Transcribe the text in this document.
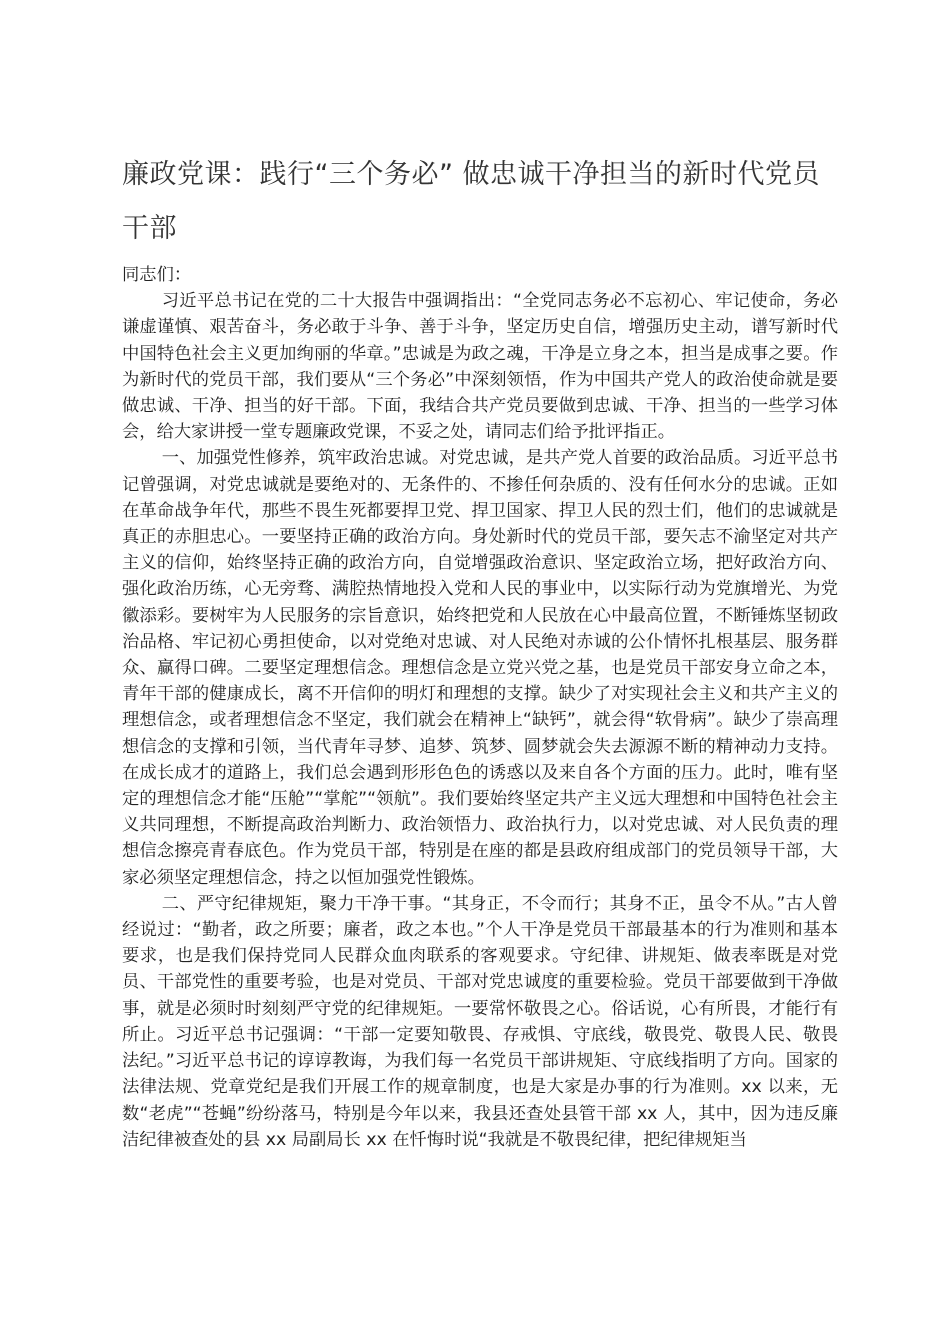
廉政党课：践行“三个务必” 做忠诚干净担当的新时代党员干部

同志们：

习近平总书记在党的二十大报告中强调指出：“全党同志务必不忘初心、牢记使命，务必谦虚谨慎、艰苦奋斗，务必敢于斗争、善于斗争，坚定历史自信，增强历史主动，谱写新时代中国特色社会主义更加绚丽的华章。”忠诚是为政之魂，干净是立身之本，担当是成事之要。作为新时代的党员干部，我们要从“三个务必”中深刻领悟，作为中国共产党人的政治使命就是要做忠诚、干净、担当的好干部。下面，我结合共产党员要做到忠诚、干净、担当的一些学习体会，给大家讲授一堂专题廉政党课，不妥之处，请同志们给予批评指正。

一、加强党性修养，筑牢政治忠诚。对党忠诚，是共产党人首要的政治品质。习近平总书记曾强调，对党忠诚就是要绝对的、无条件的、不掺任何杂质的、没有任何水分的忠诚。正如在革命战争年代，那些不畏生死都要捍卫党、捍卫国家、捍卫人民的烈士们，他们的忠诚就是真正的赤胆忠心。一要坚持正确的政治方向。身处新时代的党员干部，要矢志不渝坚定对共产主义的信仰，始终坚持正确的政治方向，自觉增强政治意识、坚定政治立场，把好政治方向、强化政治历练，心无旁骛、满腔热情地投入党和人民的事业中，以实际行动为党旗增光、为党徽添彩。要树牢为人民服务的宗旨意识，始终把党和人民放在心中最高位置，不断锤炼坚韧政治品格、牢记初心勇担使命，以对党绝对忠诚、对人民绝对赤诚的公仆情怀扎根基层、服务群众、赢得口碑。二要坚定理想信念。理想信念是立党兴党之基，也是党员干部安身立命之本，青年干部的健康成长，离不开信仰的明灯和理想的支撑。缺少了对实现社会主义和共产主义的理想信念，或者理想信念不坚定，我们就会在精神上“缺钙”，就会得“软骨病”。缺少了崇高理想信念的支撑和引领，当代青年寻梦、追梦、筑梦、圆梦就会失去源源不断的精神动力支持。在成长成才的道路上，我们总会遇到形形色色的诱惑以及来自各个方面的压力。此时，唯有坚定的理想信念才能“压舱”“掌舵”“领航”。我们要始终坚定共产主义远大理想和中国特色社会主义共同理想，不断提高政治判断力、政治领悟力、政治执行力，以对党忠诚、对人民负责的理想信念擦亮青春底色。作为党员干部，特别是在座的都是县政府组成部门的党员领导干部，大家必须坚定理想信念，持之以恒加强党性锻炼。

二、严守纪律规矩，聚力干净干事。“其身正，不令而行；其身不正，虽令不从。”古人曾经说过：“勤者，政之所要；廉者，政之本也。”个人干净是党员干部最基本的行为准则和基本要求，也是我们保持党同人民群众血肉联系的客观要求。守纪律、讲规矩、做表率既是对党员、干部党性的重要考验，也是对党员、干部对党忠诚度的重要检验。党员干部要做到干净做事，就是必须时时刻刻严守党的纪律规矩。一要常怀敬畏之心。俗话说，心有所畏，才能行有所止。习近平总书记强调：“干部一定要知敬畏、存戒惧、守底线，敬畏党、敬畏人民、敬畏法纪。”习近平总书记的谆谆教诲，为我们每一名党员干部讲规矩、守底线指明了方向。国家的法律法规、党章党纪是我们开展工作的规章制度，也是大家是办事的行为准则。xx 以来，无数“老虎”“苍蝇”纷纷落马，特别是今年以来，我县还查处县管干部 xx 人，其中，因为违反廉洁纪律被查处的县 xx 局副局长 xx 在忏悔时说“我就是不敬畏纪律，把纪律规矩当
